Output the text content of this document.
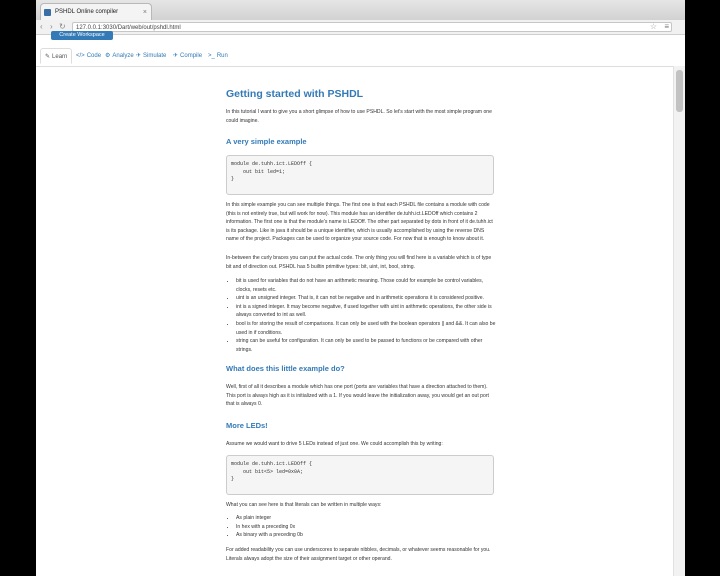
PSHDL Online compiler	×
‹ › ↻	127.0.0.1:3030/Dart/web/out/pshdl.html	☆ ≡
Create Workspace
✎ Learn	</> Code ⚙ Analyze ✈ Simulate	✈ Compile >_ Run
Getting started with PSHDL

In this tutorial I want to give you a short glimpse of how to use PSHDL. So let's start with the most simple program one could imagine.

A very simple example
module de.tuhh.ict.LEDOff {
out bit led=1;
}

In this simple example you can see multiple things. The first one is that each PSHDL file contains a module with code (this is not entirely true, but will work for now). This module has an identifier de.tuhh.ict.LEDOff which contains 2 information. The first one is that the module's name is LEDOff. The other part separated by dots in front of it de.tuhh.ict is its package. Like in java it should be a unique identifier, which is usually accomplished by using the reverse DNS name of the project. Packages can be used to organize your source code. For now that is enough to know about it.

In-between the curly braces you can put the actual code. The only thing you will find here is a variable which is of type bit and of direction out. PSHDL has 5 builtin primitive types: bit, uint, int, bool, string.

• bit is used for variables that do not have an arithmetic meaning. Those could for example be control variables, clocks, resets etc.
• uint is an unsigned integer. That is, it can not be negative and in arithmetic operations it is considered positive.
• int is a signed integer. It may become negative, if used together with uint in arithmetic operations, the other side is always converted to int as well.
• bool is for storing the result of comparisons. It can only be used with the boolean operators || and &&. It can also be used in if conditions.
• string can be useful for configuration. It can only be used to be passed to functions or be compared with other strings.
What does this little example do?

Well, first of all it describes a module which has one port (ports are variables that have a direction attached to them). This port is always high as it is initialized with a 1. If you would leave the initialization away, you would get an out port that is always 0.

More LEDs!

Assume we would want to drive 5 LEDs instead of just one. We could accomplish this by writing:

module de.tuhh.ict.LEDOff {
out bit<5> led=0x0A;
}

What you can see here is that literals can be written in multiple ways:

• As plain integer
• In hex with a preceding 0x
• As binary with a preceding 0b

For added readability you can use underscores to separate nibbles, decimals, or whatever seems reasonable for you. Literals always adopt the size of their assignment target or other operand.

▶
